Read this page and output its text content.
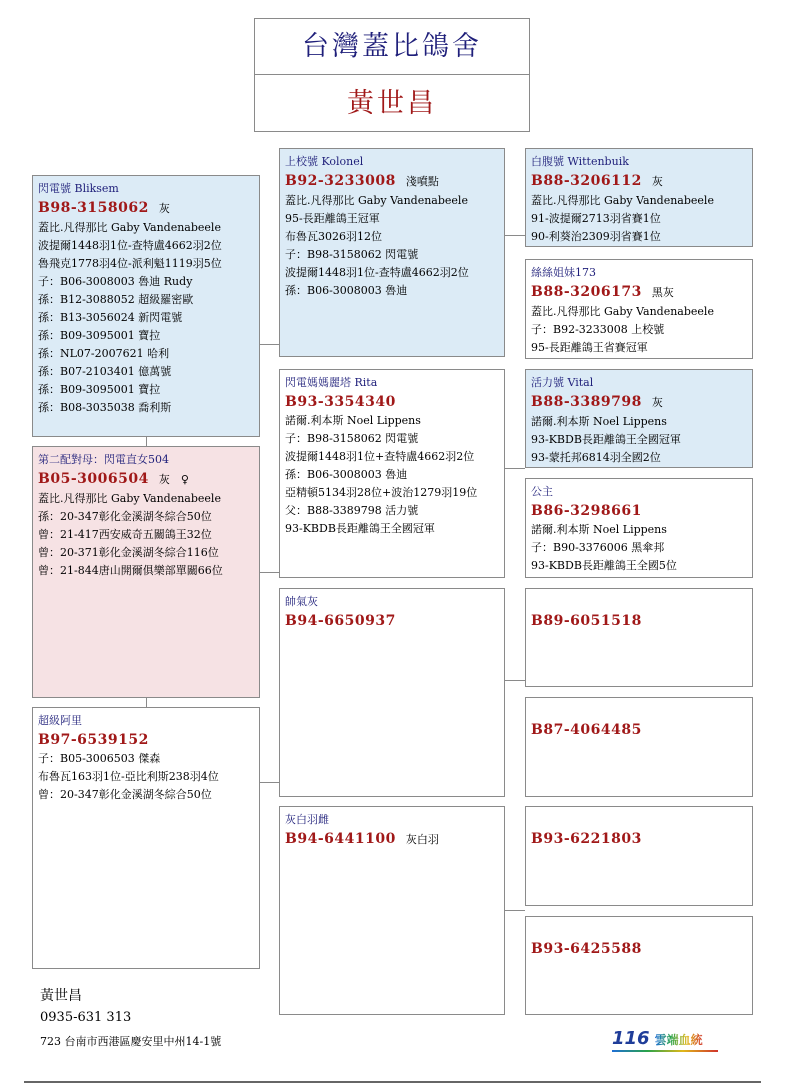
台灣蓋比鴿舍
黃世昌
閃電號 Bliksem
B98-3158062 灰
蓋比.凡得那比 Gaby Vandenabeele
波提爾1448羽1位-查特盧4662羽2位
魯飛克1778羽4位-派利魁1119羽5位
子：B06-3008003 魯迪 Rudy
孫：B12-3088052 超級羅密歐
孫：B13-3056024 新閃電號
孫：B09-3095001 寶拉
孫：NL07-2007621 哈利
孫：B07-2103401 億萬號
孫：B09-3095001 寶拉
孫：B08-3035038 喬利斯
第二配對母：閃電直女504
B05-3006504 灰　♀
蓋比.凡得那比 Gaby Vandenabeele
孫：20-347彰化金溪湖冬綜合50位
曾：21-417西安威奇五關鴿王32位
曾：20-371彰化金溪湖冬綜合116位
曾：21-844唐山開爾俱樂部單關66位
超級阿里
B97-6539152
子：B05-3006503 傑森
布魯瓦163羽1位-亞比利斯238羽4位
曾：20-347彰化金溪湖冬綜合50位
上校號 Kolonel
B92-3233008 淺噴點
蓋比.凡得那比 Gaby Vandenabeele
95-長距離鴿王冠軍
布魯瓦3026羽12位
子：B98-3158062 閃電號
波提爾1448羽1位-查特盧4662羽2位
孫：B06-3008003 魯迪
閃電媽媽麗塔 Rita
B93-3354340
諾爾.利本斯 Noel Lippens
子：B98-3158062 閃電號
波提爾1448羽1位+查特盧4662羽2位
孫：B06-3008003 魯迪
亞精頓5134羽28位+波治1279羽19位
父：B88-3389798 活力號
93-KBDB長距離鴿王全國冠軍
帥氣灰
B94-6650937
灰白羽雌
B94-6441100 灰白羽
白腹號 Wittenbuik
B88-3206112 灰
蓋比.凡得那比 Gaby Vandenabeele
91-波提爾2713羽省賽1位
90-利葵治2309羽省賽1位
絲絲姐妹173
B88-3206173 黑灰
蓋比.凡得那比 Gaby Vandenabeele
子：B92-3233008 上校號
95-長距離鴿王省賽冠軍
活力號 Vital
B88-3389798 灰
諾爾.利本斯 Noel Lippens
93-KBDB長距離鴿王全國冠軍
93-蒙托邦6814羽全國2位
公主
B86-3298661
諾爾.利本斯 Noel Lippens
子：B90-3376006 黑傘邦
93-KBDB長距離鴿王全國5位
B89-6051518
B87-4064485
B93-6221803
B93-6425588
黃世昌
0935-631 313
723 台南市西港區慶安里中州14-1號	116 雲端血統
